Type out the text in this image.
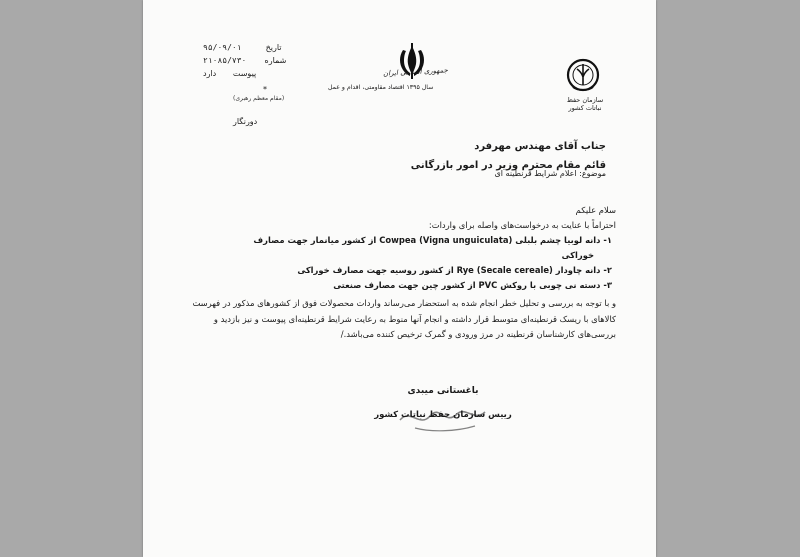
تاریخ
۹۵/۰۹/۰۱
شماره
۲۱۰۸۵/۷۳۰
پیوست
دارد
*
(مقام معظم رهبری)
جمهوری اسلامی ایران
سال ۱۳۹۵ اقتصاد مقاومتی، اقدام و عمل
سازمان حفظ
نباتات کشور
دورنگار
جناب آقای مهندس مهرفرد
قائم مقام محترم وزیر در امور بازرگانی
موضوع: اعلام شرایط قرنطینه ای
سلام علیکم
احتراماً با عنایت به درخواست‌های واصله برای واردات:
۱- دانه لوبیا چشم بلبلی Cowpea (Vigna unguiculata) از کشور میانمار جهت مصارف
خوراکی
۲- دانه چاودار Rye (Secale cereale) از کشور روسیه جهت مصارف خوراکی
۳- دسته نی چوبی با روکش PVC از کشور چین جهت مصارف صنعتی
و با توجه به بررسی و تحلیل خطر انجام شده به استحضار می‌رساند واردات محصولات فوق از کشورهای مذکور در فهرست کالاهای با ریسک قرنطینه‌ای متوسط قرار داشته و انجام آنها منوط به رعایت شرایط قرنطینه‌ای پیوست و نیز بازدید و بررسی‌های کارشناسان قرنطینه در مرز ورودی و گمرک ترخیص کننده می‌باشد./
باغستانی میبدی
رییس سازمان حفظ نباتات کشور
